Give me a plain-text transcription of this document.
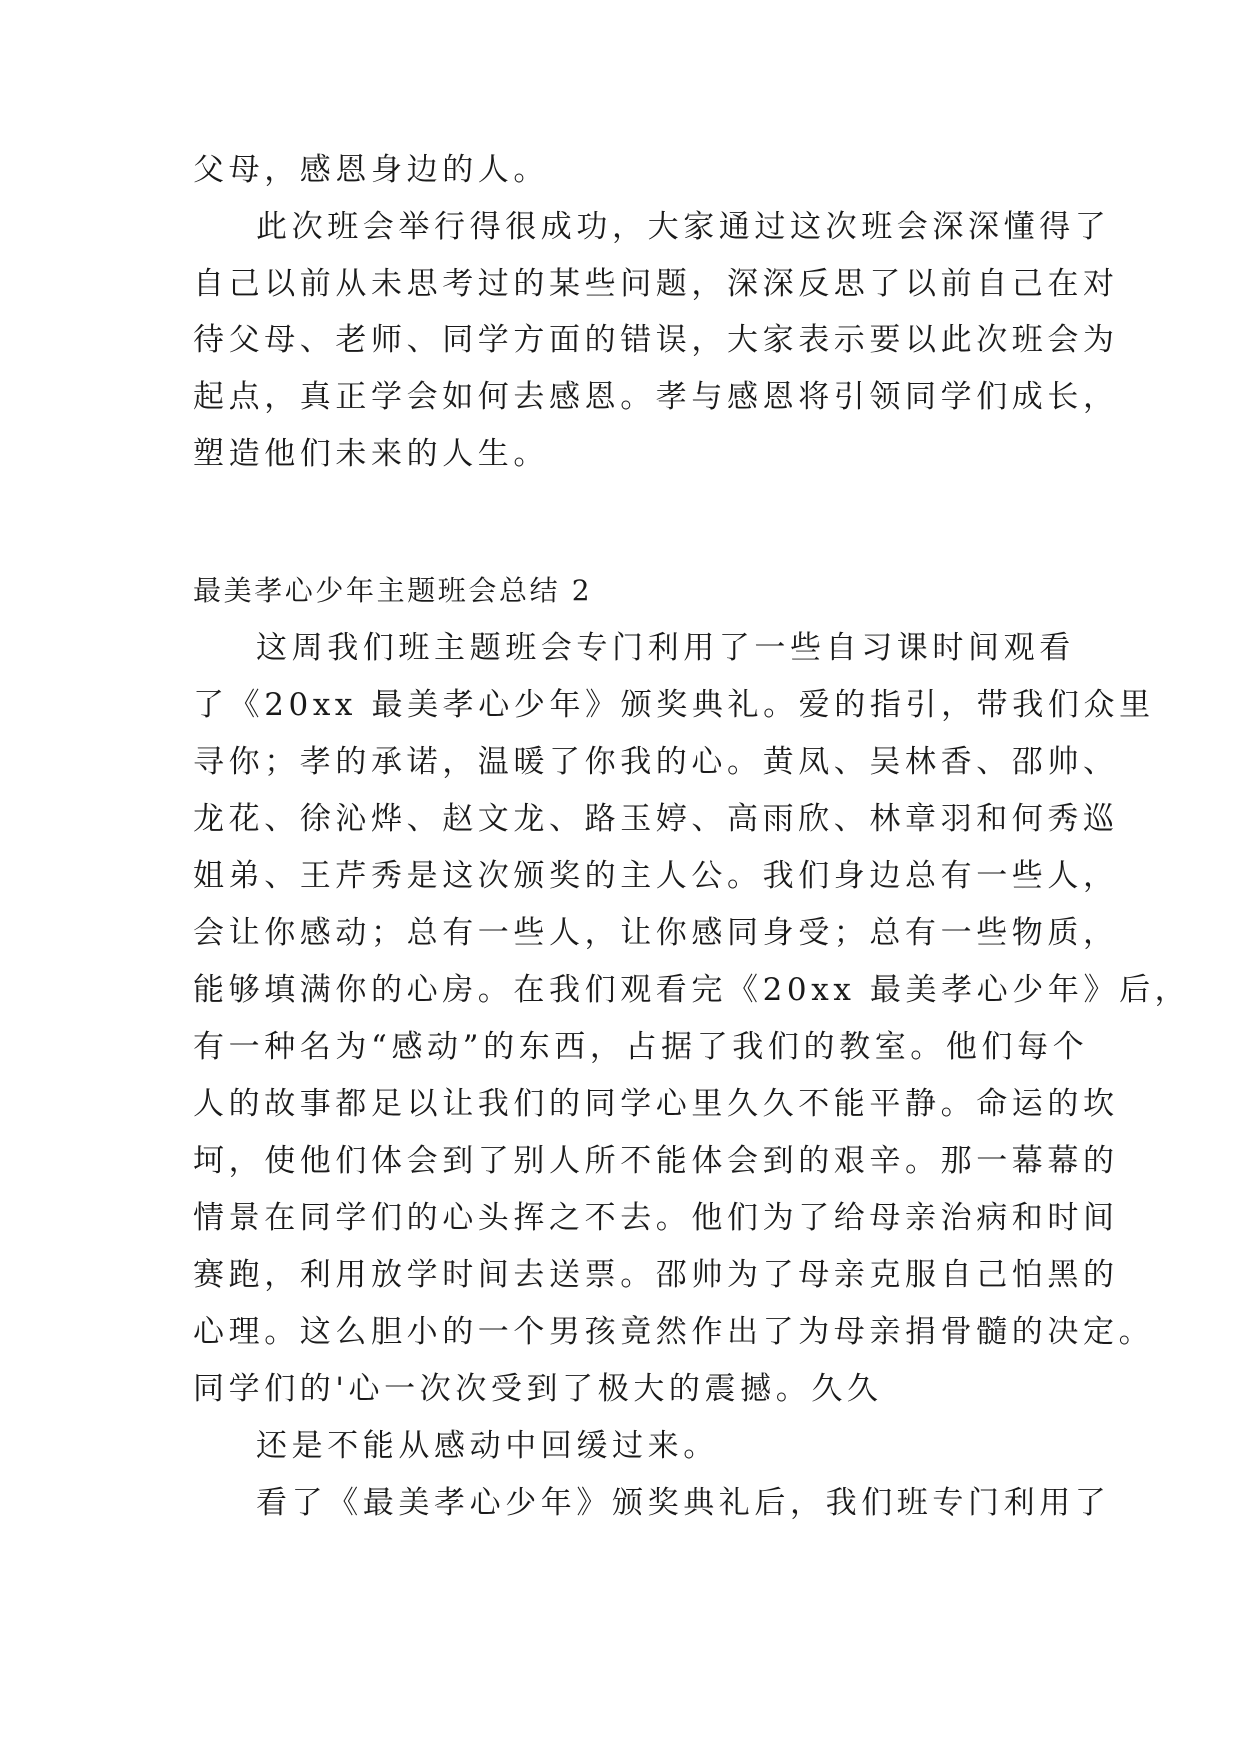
父母，感恩身边的人。
此次班会举行得很成功，大家通过这次班会深深懂得了
自己以前从未思考过的某些问题，深深反思了以前自己在对
待父母、老师、同学方面的错误，大家表示要以此次班会为
起点，真正学会如何去感恩。孝与感恩将引领同学们成长，
塑造他们未来的人生。
最美孝心少年主题班会总结 2
这周我们班主题班会专门利用了一些自习课时间观看
了《20xx 最美孝心少年》颁奖典礼。爱的指引，带我们众里
寻你；孝的承诺，温暖了你我的心。黄凤、吴林香、邵帅、
龙花、徐沁烨、赵文龙、路玉婷、高雨欣、林章羽和何秀巡
姐弟、王芹秀是这次颁奖的主人公。我们身边总有一些人，
会让你感动；总有一些人，让你感同身受；总有一些物质，
能够填满你的心房。在我们观看完《20xx 最美孝心少年》后，
有一种名为“感动”的东西，占据了我们的教室。他们每个
人的故事都足以让我们的同学心里久久不能平静。命运的坎
坷，使他们体会到了别人所不能体会到的艰辛。那一幕幕的
情景在同学们的心头挥之不去。他们为了给母亲治病和时间
赛跑，利用放学时间去送票。邵帅为了母亲克服自己怕黑的
心理。这么胆小的一个男孩竟然作出了为母亲捐骨髓的决定。
同学们的'心一次次受到了极大的震撼。久久
还是不能从感动中回缓过来。
看了《最美孝心少年》颁奖典礼后，我们班专门利用了
